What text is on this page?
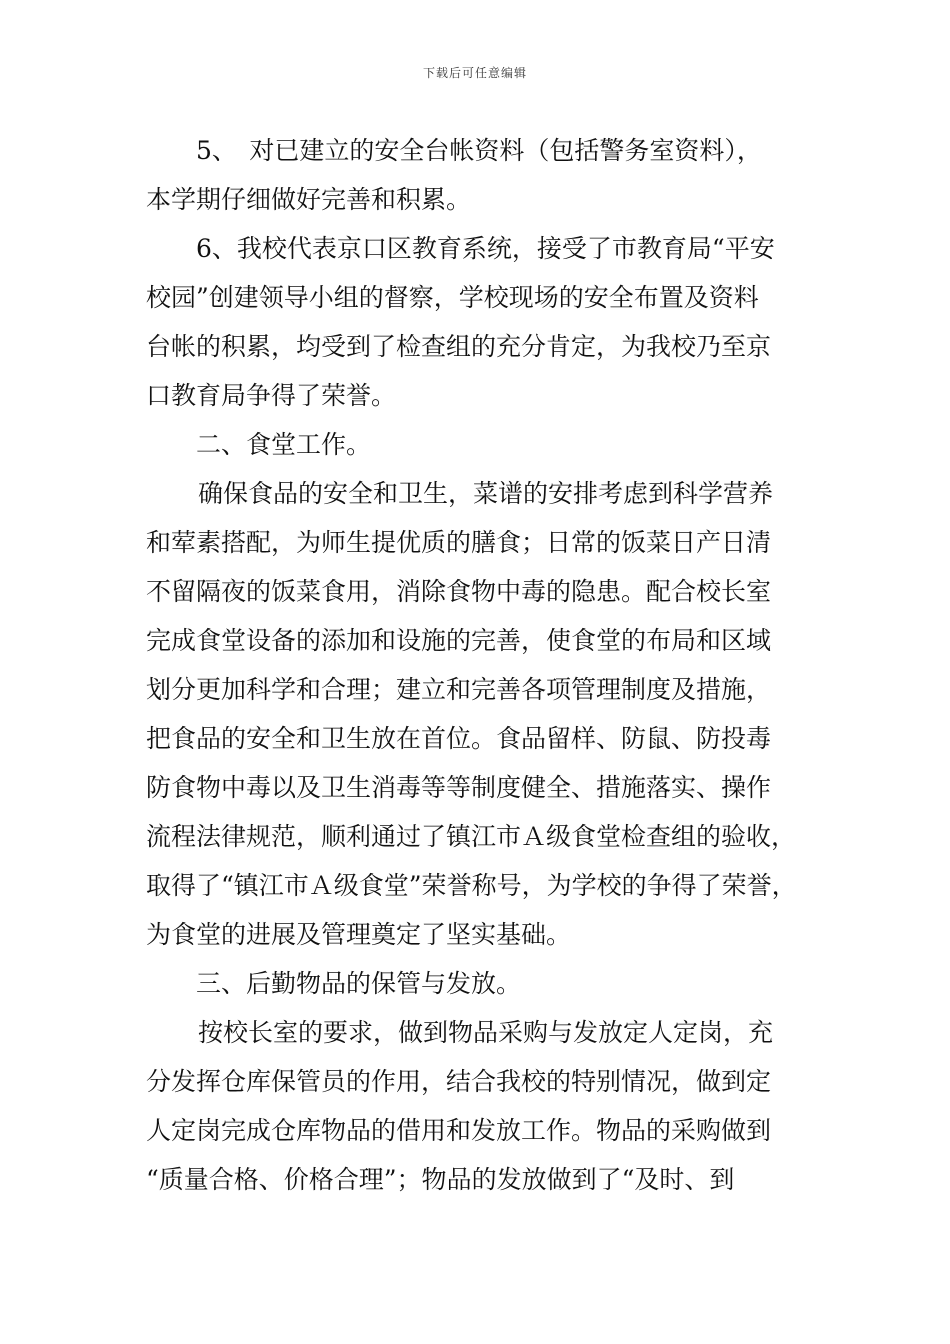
下载后可任意编辑
5、　对已建立的安全台帐资料（包括警务室资料），
本学期仔细做好完善和积累。
6、我校代表京口区教育系统，接受了市教育局“平安
校园”创建领导小组的督察，学校现场的安全布置及资料
台帐的积累，均受到了检查组的充分肯定，为我校乃至京
口教育局争得了荣誉。
二、食堂工作。
确保食品的安全和卫生，菜谱的安排考虑到科学营养
和荤素搭配，为师生提优质的膳食；日常的饭菜日产日清
不留隔夜的饭菜食用，消除食物中毒的隐患。配合校长室
完成食堂设备的添加和设施的完善，使食堂的布局和区域
划分更加科学和合理；建立和完善各项管理制度及措施，
把食品的安全和卫生放在首位。食品留样、防鼠、防投毒
防食物中毒以及卫生消毒等等制度健全、措施落实、操作
流程法律规范，顺利通过了镇江市Ａ级食堂检查组的验收，
取得了“镇江市Ａ级食堂”荣誉称号，为学校的争得了荣誉，
为食堂的进展及管理奠定了坚实基础。
三、后勤物品的保管与发放。
按校长室的要求，做到物品采购与发放定人定岗，充
分发挥仓库保管员的作用，结合我校的特别情况，做到定
人定岗完成仓库物品的借用和发放工作。物品的采购做到
“质量合格、价格合理”；物品的发放做到了“及时、到
